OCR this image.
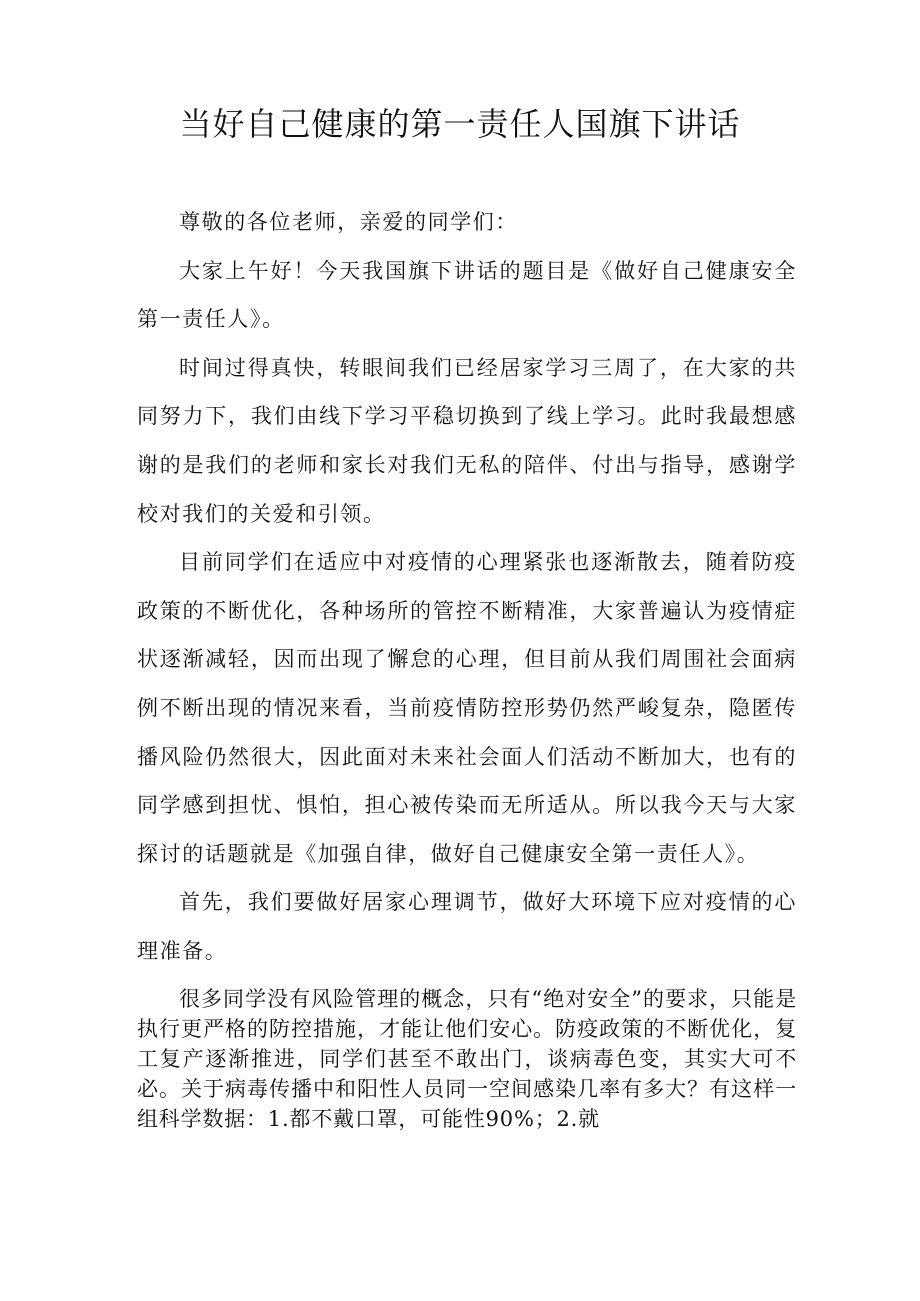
当好自己健康的第一责任人国旗下讲话

尊敬的各位老师，亲爱的同学们：

大家上午好！今天我国旗下讲话的题目是《做好自己健康安全第一责任人》。

时间过得真快，转眼间我们已经居家学习三周了，在大家的共同努力下，我们由线下学习平稳切换到了线上学习。此时我最想感谢的是我们的老师和家长对我们无私的陪伴、付出与指导，感谢学校对我们的关爱和引领。

目前同学们在适应中对疫情的心理紧张也逐渐散去，随着防疫政策的不断优化，各种场所的管控不断精准，大家普遍认为疫情症状逐渐减轻，因而出现了懈怠的心理，但目前从我们周围社会面病例不断出现的情况来看，当前疫情防控形势仍然严峻复杂，隐匿传播风险仍然很大，因此面对未来社会面人们活动不断加大，也有的同学感到担忧、惧怕，担心被传染而无所适从。所以我今天与大家探讨的话题就是《加强自律，做好自己健康安全第一责任人》。

首先，我们要做好居家心理调节，做好大环境下应对疫情的心理准备。

很多同学没有风险管理的概念，只有“绝对安全”的要求，只能是执行更严格的防控措施，才能让他们安心。防疫政策的不断优化，复工复产逐渐推进，同学们甚至不敢出门，谈病毒色变，其实大可不必。关于病毒传播中和阳性人员同一空间感染几率有多大？有这样一组科学数据：1.都不戴口罩，可能性90%；2.就
